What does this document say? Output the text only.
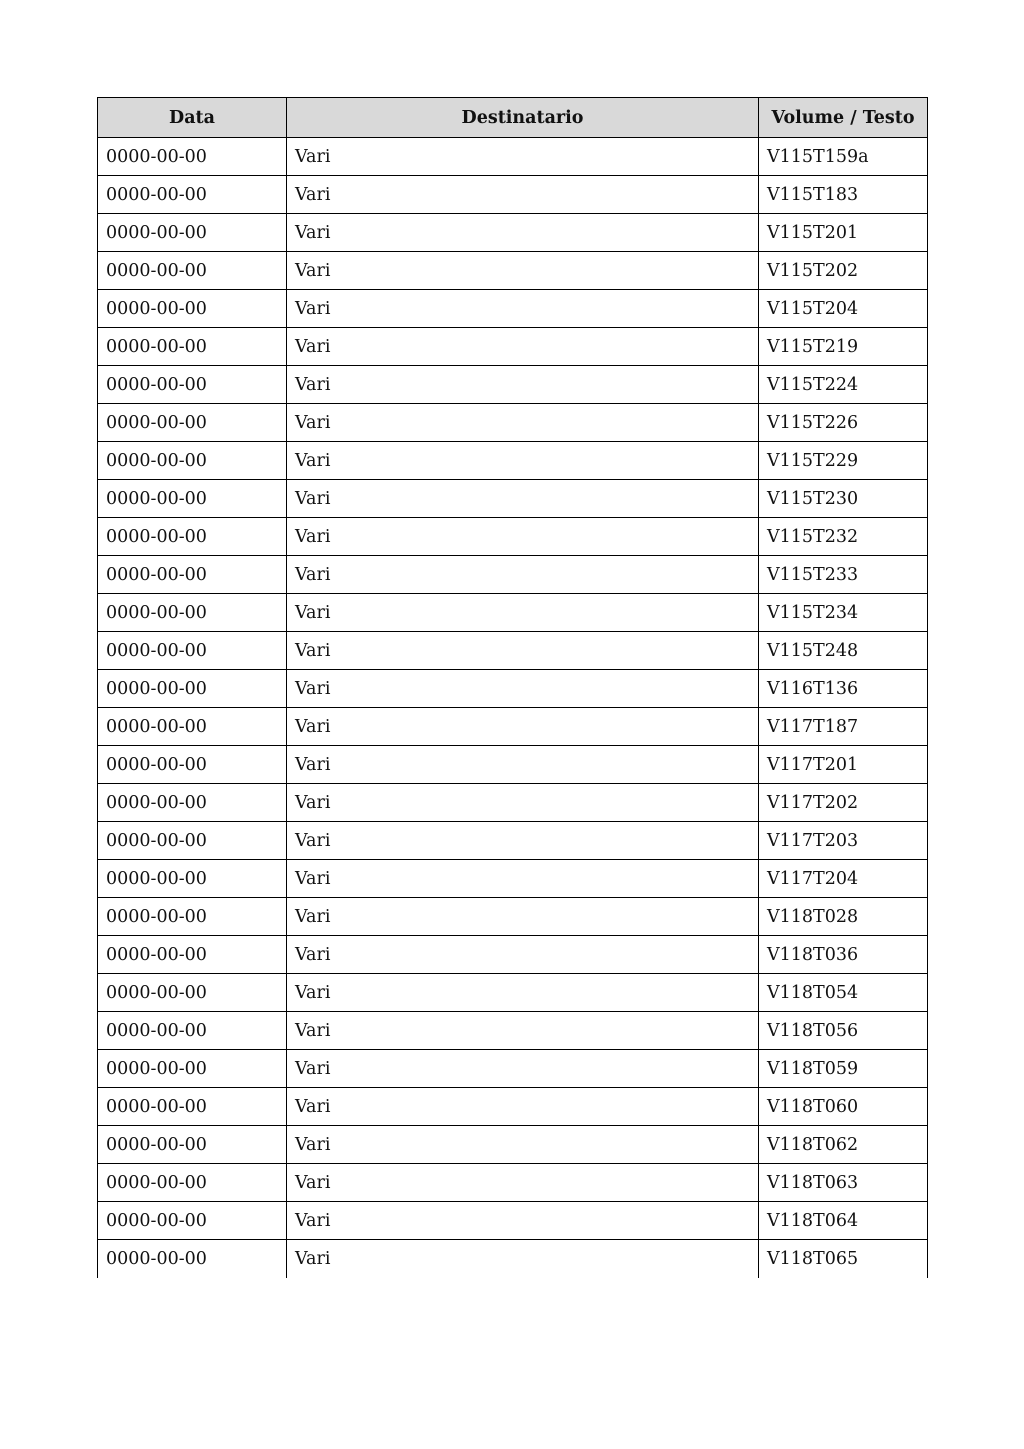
Data	Destinatario	Volume / Testo
0000-00-00	Vari	V115T159a
0000-00-00	Vari	V115T183
0000-00-00	Vari	V115T201
0000-00-00	Vari	V115T202
0000-00-00	Vari	V115T204
0000-00-00	Vari	V115T219
0000-00-00	Vari	V115T224
0000-00-00	Vari	V115T226
0000-00-00	Vari	V115T229
0000-00-00	Vari	V115T230
0000-00-00	Vari	V115T232
0000-00-00	Vari	V115T233
0000-00-00	Vari	V115T234
0000-00-00	Vari	V115T248
0000-00-00	Vari	V116T136
0000-00-00	Vari	V117T187
0000-00-00	Vari	V117T201
0000-00-00	Vari	V117T202
0000-00-00	Vari	V117T203
0000-00-00	Vari	V117T204
0000-00-00	Vari	V118T028
0000-00-00	Vari	V118T036
0000-00-00	Vari	V118T054
0000-00-00	Vari	V118T056
0000-00-00	Vari	V118T059
0000-00-00	Vari	V118T060
0000-00-00	Vari	V118T062
0000-00-00	Vari	V118T063
0000-00-00	Vari	V118T064
0000-00-00	Vari	V118T065
